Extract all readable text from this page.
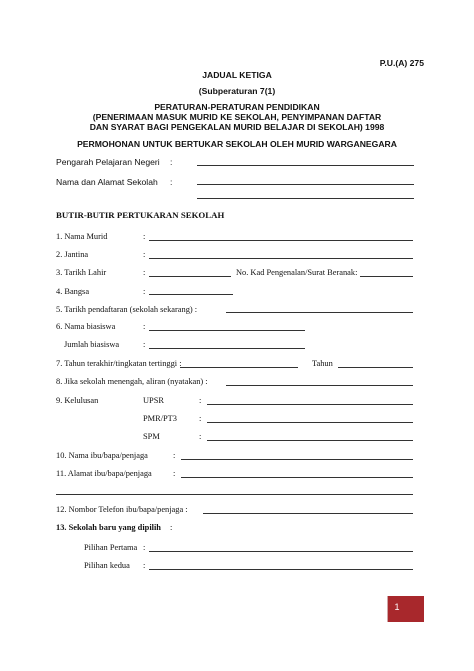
P.U.(A) 275
JADUAL KETIGA
(Subperaturan 7(1)
PERATURAN-PERATURAN PENDIDIKAN
(PENERIMAAN MASUK MURID KE SEKOLAH, PENYIMPANAN DAFTAR
DAN SYARAT BAGI PENGEKALAN MURID BELAJAR DI SEKOLAH) 1998
PERMOHONAN UNTUK BERTUKAR SEKOLAH OLEH MURID WARGANEGARA
Pengarah Pelajaran Negeri :
Nama dan Alamat Sekolah :
BUTIR-BUTIR PERTUKARAN SEKOLAH
1. Nama Murid	:
2. Jantina	:
3. Tarikh Lahir	:	No. Kad Pengenalan/Surat Beranak:
4. Bangsa	:
5. Tarikh pendaftaran (sekolah sekarang) :
6. Nama biasiswa	:
Jumlah biasiswa	:
7. Tahun terakhir/tingkatan tertinggi :	Tahun
8. Jika sekolah menengah, aliran (nyatakan) :
9. Kelulusan	UPSR	:
PMR/PT3	:
SPM	:
10. Nama ibu/bapa/penjaga	:
11. Alamat ibu/bapa/penjaga	:
12. Nombor Telefon ibu/bapa/penjaga :
13. Sekolah baru yang dipilih :
Pilihan Pertama :
Pilihan kedua :
1
